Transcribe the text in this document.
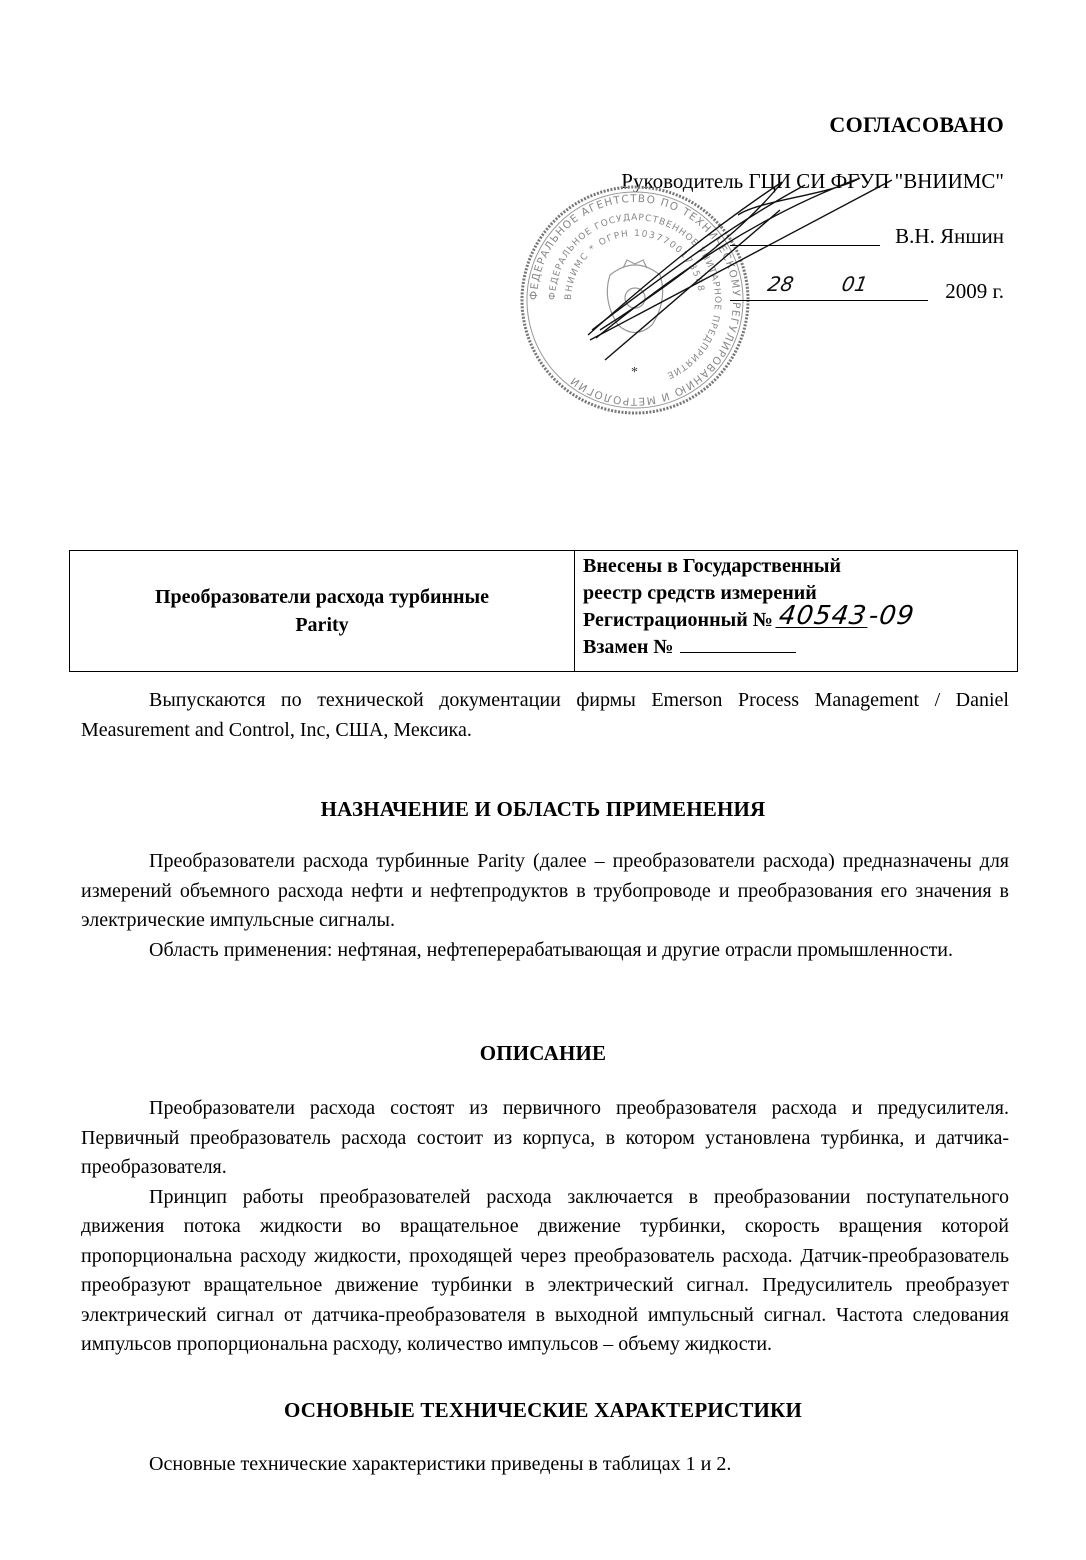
СОГЛАСОВАНО
Руководитель ГЦИ СИ ФГУП "ВНИИМС"
ФЕДЕРАЛЬНОЕ АГЕНТСТВО ПО ТЕХНИЧЕСКОМУ РЕГУЛИРОВАНИЮ И МЕТРОЛОГИИ
ФЕДЕРАЛЬНОЕ ГОСУДАРСТВЕННОЕ УНИТАРНОЕ ПРЕДПРИЯТИЕ
ВНИИМС * ОГРН 1037700173588
*
В.Н. Яншин
28 01	2009 г.
Преобразователи расхода турбинные
Parity
Внесены в Государственный
реестр средств измерений
Регистрационный № 40543-09
Взамен №

Выпускаются по технической документации фирмы Emerson Process Management / Daniel Measurement and Control, Inc, США, Мексика.

НАЗНАЧЕНИЕ И ОБЛАСТЬ ПРИМЕНЕНИЯ

Преобразователи расхода турбинные Parity (далее – преобразователи расхода) предназначены для измерений объемного расхода нефти и нефтепродуктов в трубопроводе и преобразования его значения в электрические импульсные сигналы.

Область применения: нефтяная, нефтеперерабатывающая и другие отрасли промышленности.

ОПИСАНИЕ

Преобразователи расхода состоят из первичного преобразователя расхода и предусилителя. Первичный преобразователь расхода состоит из корпуса, в котором установлена турбинка, и датчика-преобразователя.

Принцип работы преобразователей расхода заключается в преобразовании поступательного движения потока жидкости во вращательное движение турбинки, скорость вращения которой пропорциональна расходу жидкости, проходящей через преобразователь расхода. Датчик-преобразователь преобразуют вращательное движение турбинки в электрический сигнал. Предусилитель преобразует электрический сигнал от датчика-преобразователя в выходной импульсный сигнал. Частота следования импульсов пропорциональна расходу, количество импульсов – объему жидкости.

ОСНОВНЫЕ ТЕХНИЧЕСКИЕ ХАРАКТЕРИСТИКИ

Основные технические характеристики приведены в таблицах 1 и 2.
